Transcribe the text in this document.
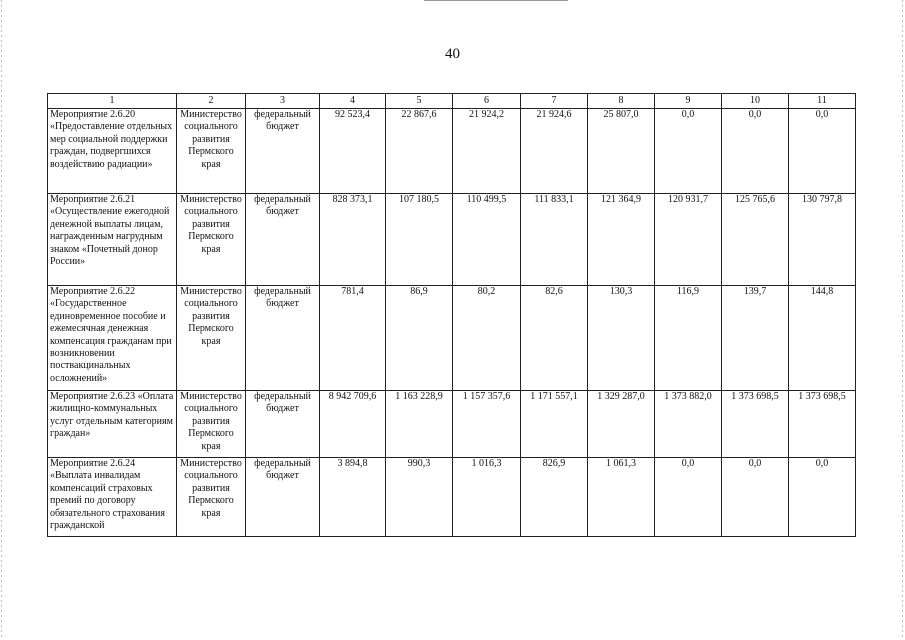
40
1	2	3	4	5	6	7	8	9	10	11
Мероприятие 2.6.20 «Предоставление отдельных мер социальной поддержки граждан, подвергшихся воздействию радиации»	Министерство социального развития Пермского края	федеральный бюджет	92 523,4	22 867,6	21 924,2	21 924,6	25 807,0	0,0	0,0	0,0
Мероприятие 2.6.21 «Осуществление ежегодной денежной выплаты лицам, награжденным нагрудным знаком «Почетный донор России»	Министерство социального развития Пермского края	федеральный бюджет	828 373,1	107 180,5	110 499,5	111 833,1	121 364,9	120 931,7	125 765,6	130 797,8
Мероприятие 2.6.22 «Государственное единовременное пособие и ежемесячная денежная компенсация гражданам при возникновении поствакцинальных осложнений»	Министерство социального развития Пермского края	федеральный бюджет	781,4	86,9	80,2	82,6	130,3	116,9	139,7	144,8
Мероприятие 2.6.23 «Оплата жилищно-коммунальных услуг отдельным категориям граждан»	Министерство социального развития Пермского края	федеральный бюджет	8 942 709,6	1 163 228,9	1 157 357,6	1 171 557,1	1 329 287,0	1 373 882,0	1 373 698,5	1 373 698,5
Мероприятие 2.6.24 «Выплата инвалидам компенсаций страховых премий по договору обязательного страхования гражданской	Министерство социального развития Пермского края	федеральный бюджет	3 894,8	990,3	1 016,3	826,9	1 061,3	0,0	0,0	0,0
